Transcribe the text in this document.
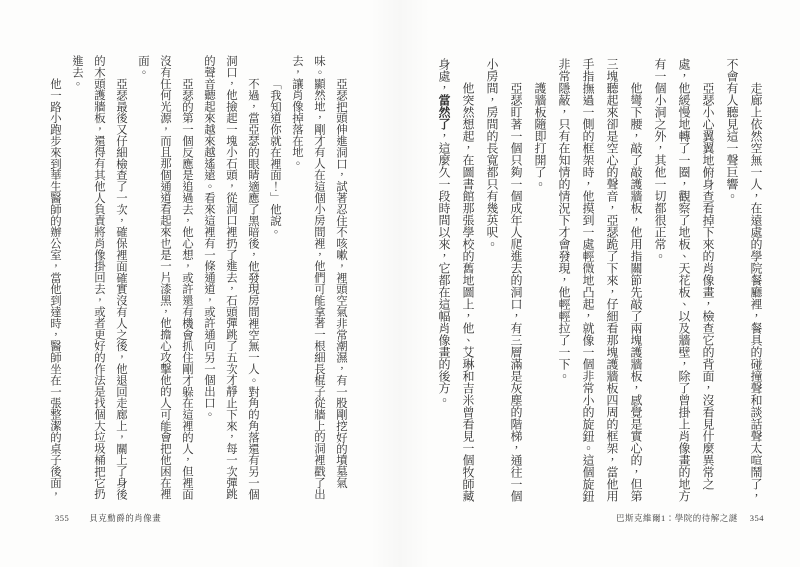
走廊上依然空無一人，在遠處的學院餐廳裡，餐具的碰撞聲和談話聲太喧鬧了，不會有人聽見這一聲巨響。

亞瑟小心翼翼地俯身查看掉下來的肖像畫，檢查它的背面，沒看見什麼異常之處，他緩慢地轉了一圈，觀察了地板、天花板、以及牆壁，除了曾掛上肖像畫的地方有一個小洞之外，其他一切都很正常。

他彎下腰，敲了敲護牆板，他用指關節先敲了兩塊護牆板，感覺是實心的，但第三塊聽起來卻是空心的聲音，亞瑟跪了下來，仔細看那塊護牆板四周的框架，當他用手指撫過一側的框架時，他摸到一處輕微地凸起，就像一個非常小的旋鈕。這個旋鈕非常隱蔽，只有在知情的情況下才會發現，他輕輕拉了一下。

護牆板隨即打開了。

亞瑟盯著一個只夠一個成年人爬進去的洞口，有三層滿是灰塵的階梯，通往一個小房間，房間的長寬都只有幾英呎。

他突然想起，在圖書館那張學校的舊地圖上，他、艾琳和吉米曾看見一個牧師藏身處，當然了，這麼久一段時間以來，它都在這幅肖像畫的後方。

巴斯克維爾1：學院的待解之謎 354

亞瑟把頭伸進洞口，試著忍住不咳嗽，裡頭空氣非常潮濕，有一股剛挖好的墳墓氣味。顯然地，剛才有人在這個小房間裡，他們可能拿著一根細長棍子從牆上的洞裡戳了出去，讓肖像掉落在地。

「我知道你就在裡面！」他說。

不過，當亞瑟的眼睛適應了黑暗後，他發現房間裡空無一人。對角的角落還有另一個洞口，他撿起一塊小石頭，從洞口裡扔了進去，石頭彈跳了五次才靜止下來，每一次彈跳的聲音聽起來越來越遙遠。看來這裡有一條通道，或許通向另一個出口。

亞瑟的第一個反應是追過去，他心想，或許還有機會抓住剛才躲在這裡的人，但裡面沒有任何光源，而且那個通道看起來也是一片漆黑，他擔心攻擊他的人可能會把他困在裡面。

亞瑟最後又仔細檢查了一次，確保裡面確實沒有人之後，他退回走廊上，關上了身後的木頭護牆板，還得有其他人負責將肖像掛回去，或者更好的作法是找個大垃圾桶把它扔進去。

他一路小跑步來到華生醫師的辦公室，當他到達時，醫師坐在一張整潔的桌子後面，

355 貝克勳爵的肖像畫
